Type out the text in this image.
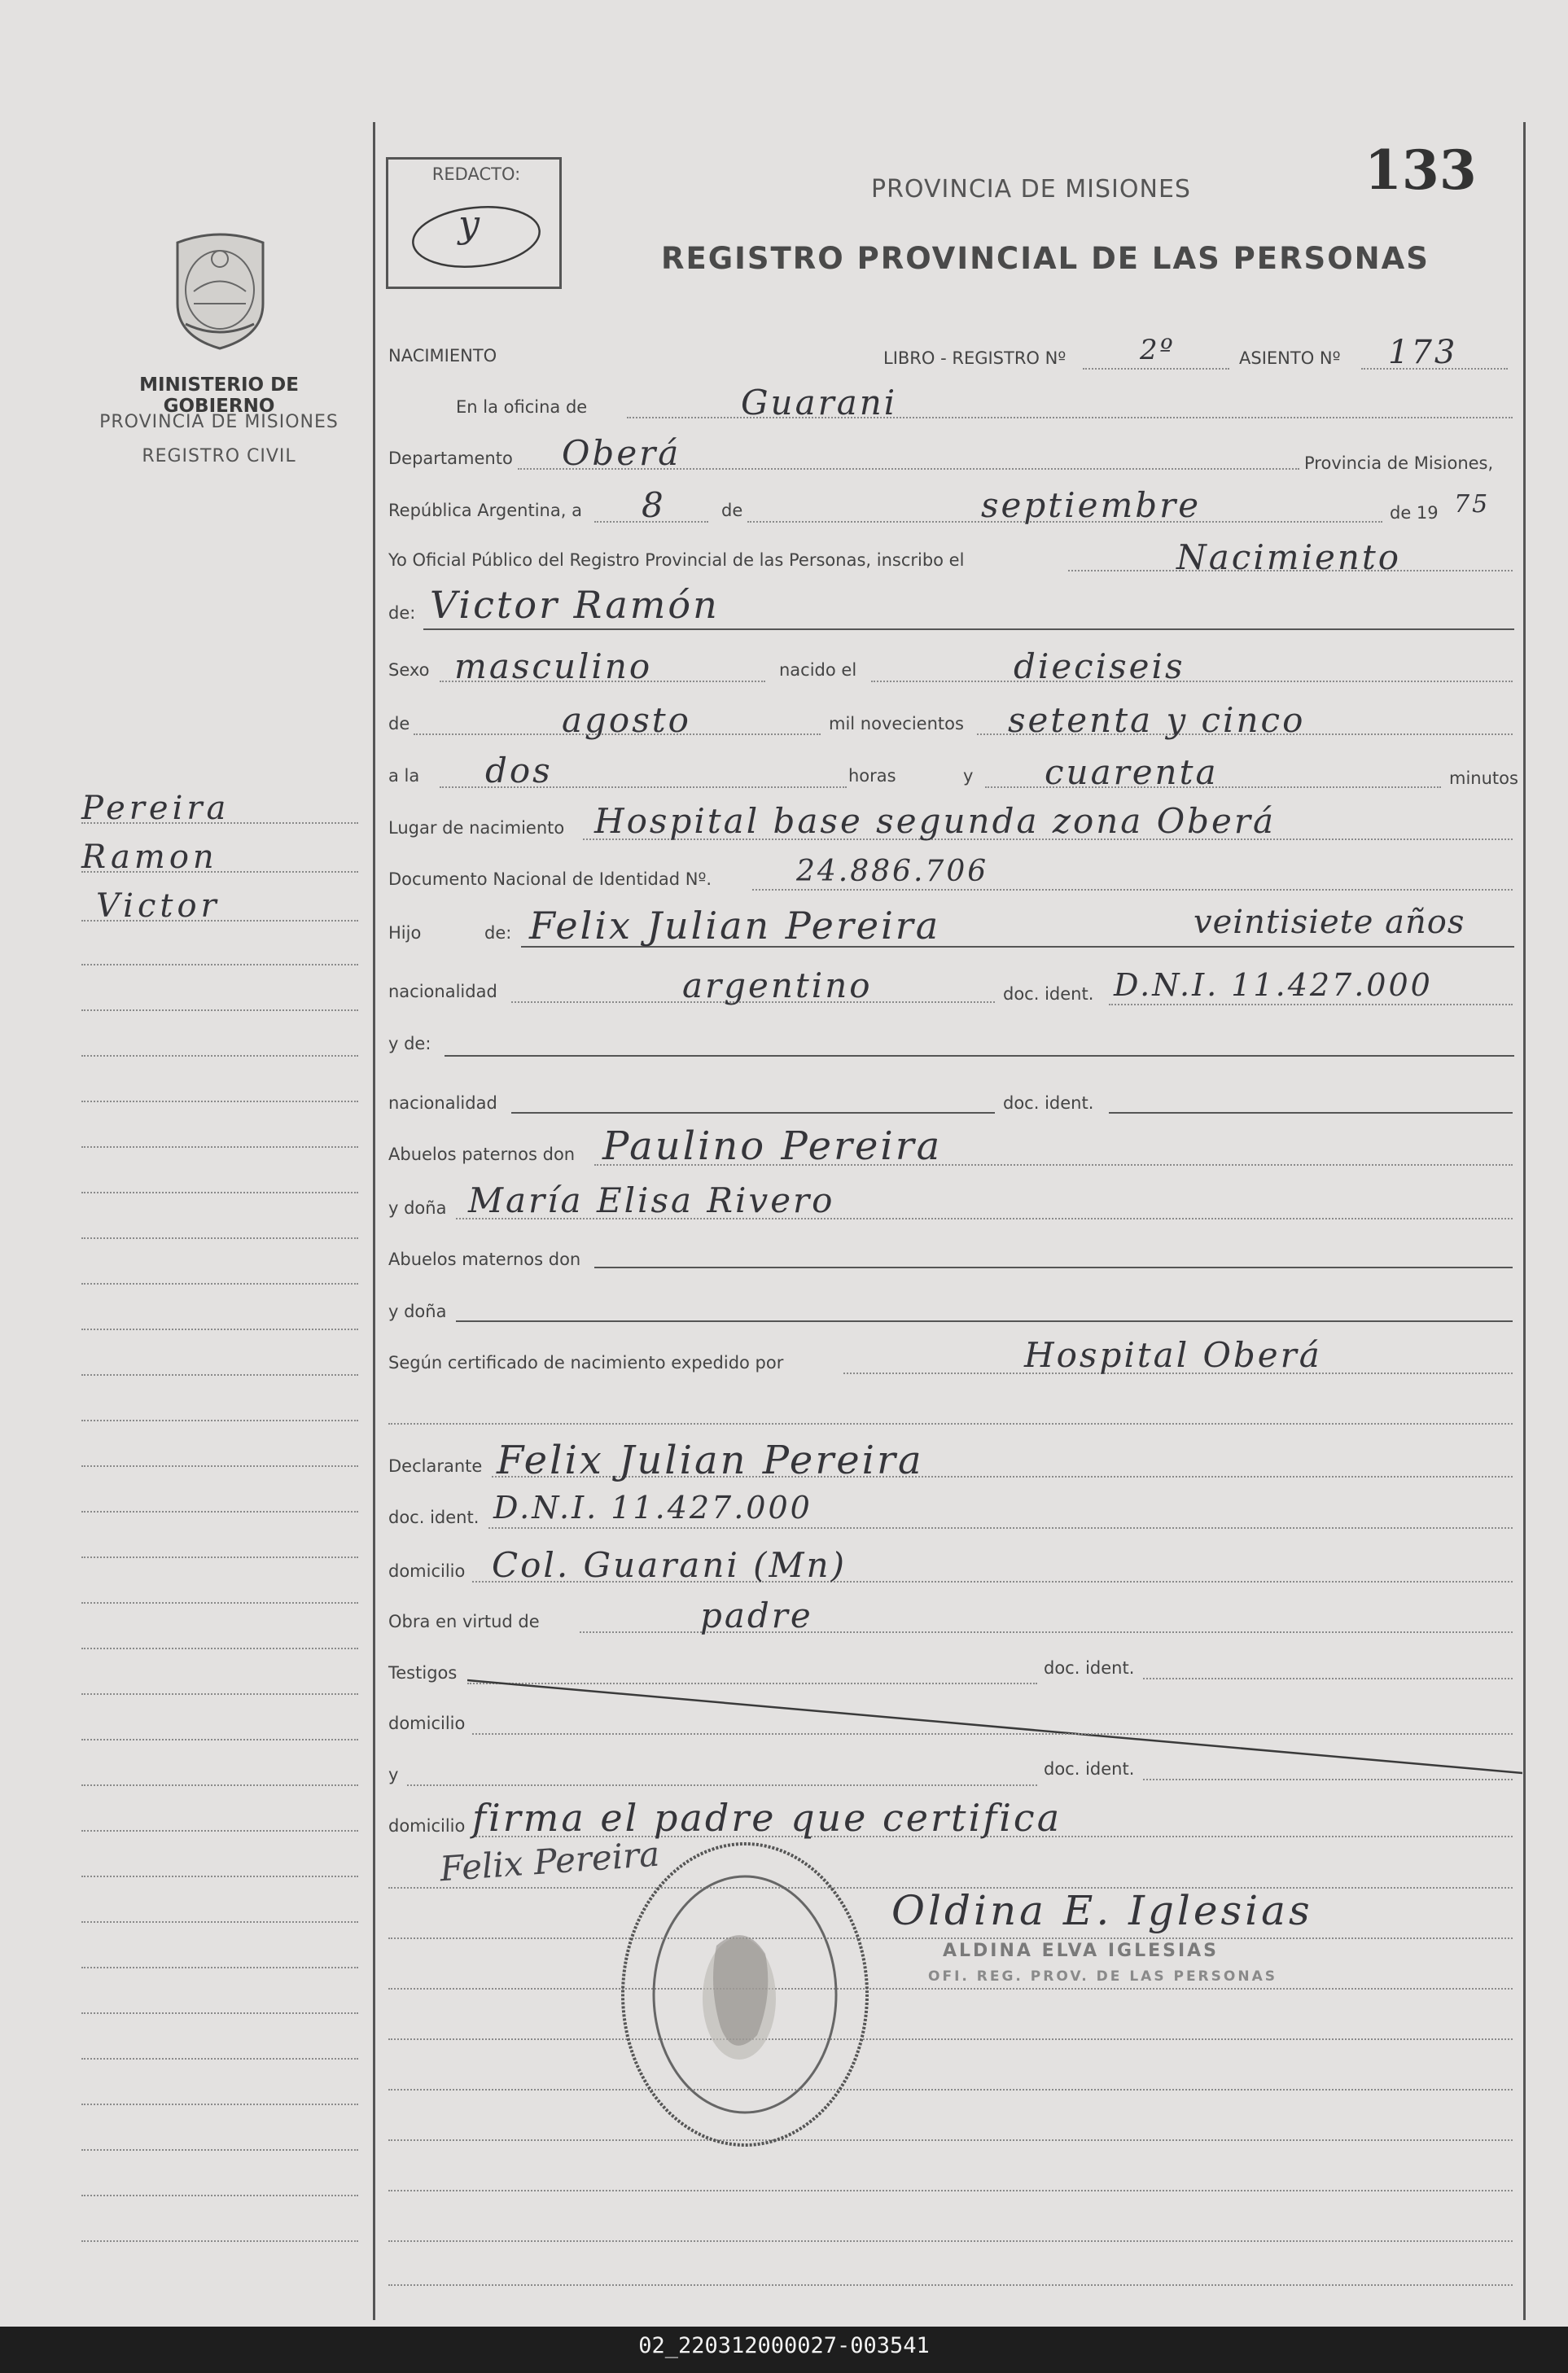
REDACTO:
y
PROVINCIA DE MISIONES
REGISTRO PROVINCIAL DE LAS PERSONAS
133
MINISTERIO DE GOBIERNO
PROVINCIA DE MISIONES
REGISTRO CIVIL
Pereira
Ramon
Victor
NACIMIENTO	LIBRO - REGISTRO Nº	2º	ASIENTO Nº 173
En la oficina de	Guarani
Departamento Oberá	Provincia de Misiones,
República Argentina, a 8	de	septiembre	de 19 75
Yo Oficial Público del Registro Provincial de las Personas, inscribo el	Nacimiento
de: Victor Ramón
Sexo masculino	nacido el	dieciseis
de	agosto	mil novecientos setenta y cinco
a la dos	horas	y cuarenta	minutos
Lugar de nacimiento Hospital base segunda zona Oberá
Documento Nacional de Identidad Nº.	24.886.706
Hijo	de: Felix Julian Pereira	veintisiete años
nacionalidad	argentino	doc. ident. D.N.I. 11.427.000
y de:
nacionalidad	doc. ident.
Abuelos paternos don Paulino Pereira
y doña María Elisa Rivero
Abuelos maternos don
y doña
Según certificado de nacimiento expedido por	Hospital Oberá
Declarante Felix Julian Pereira
doc. ident. D.N.I. 11.427.000
domicilio Col. Guarani (Mn)
Obra en virtud de	padre
Testigos	doc. ident.
domicilio
y	doc. ident.
domicilio firma el padre que certifica
Felix Pereira
Oldina E. Iglesias
ALDINA ELVA IGLESIAS
OFI. REG. PROV. DE LAS PERSONAS
02_220312000027-003541
